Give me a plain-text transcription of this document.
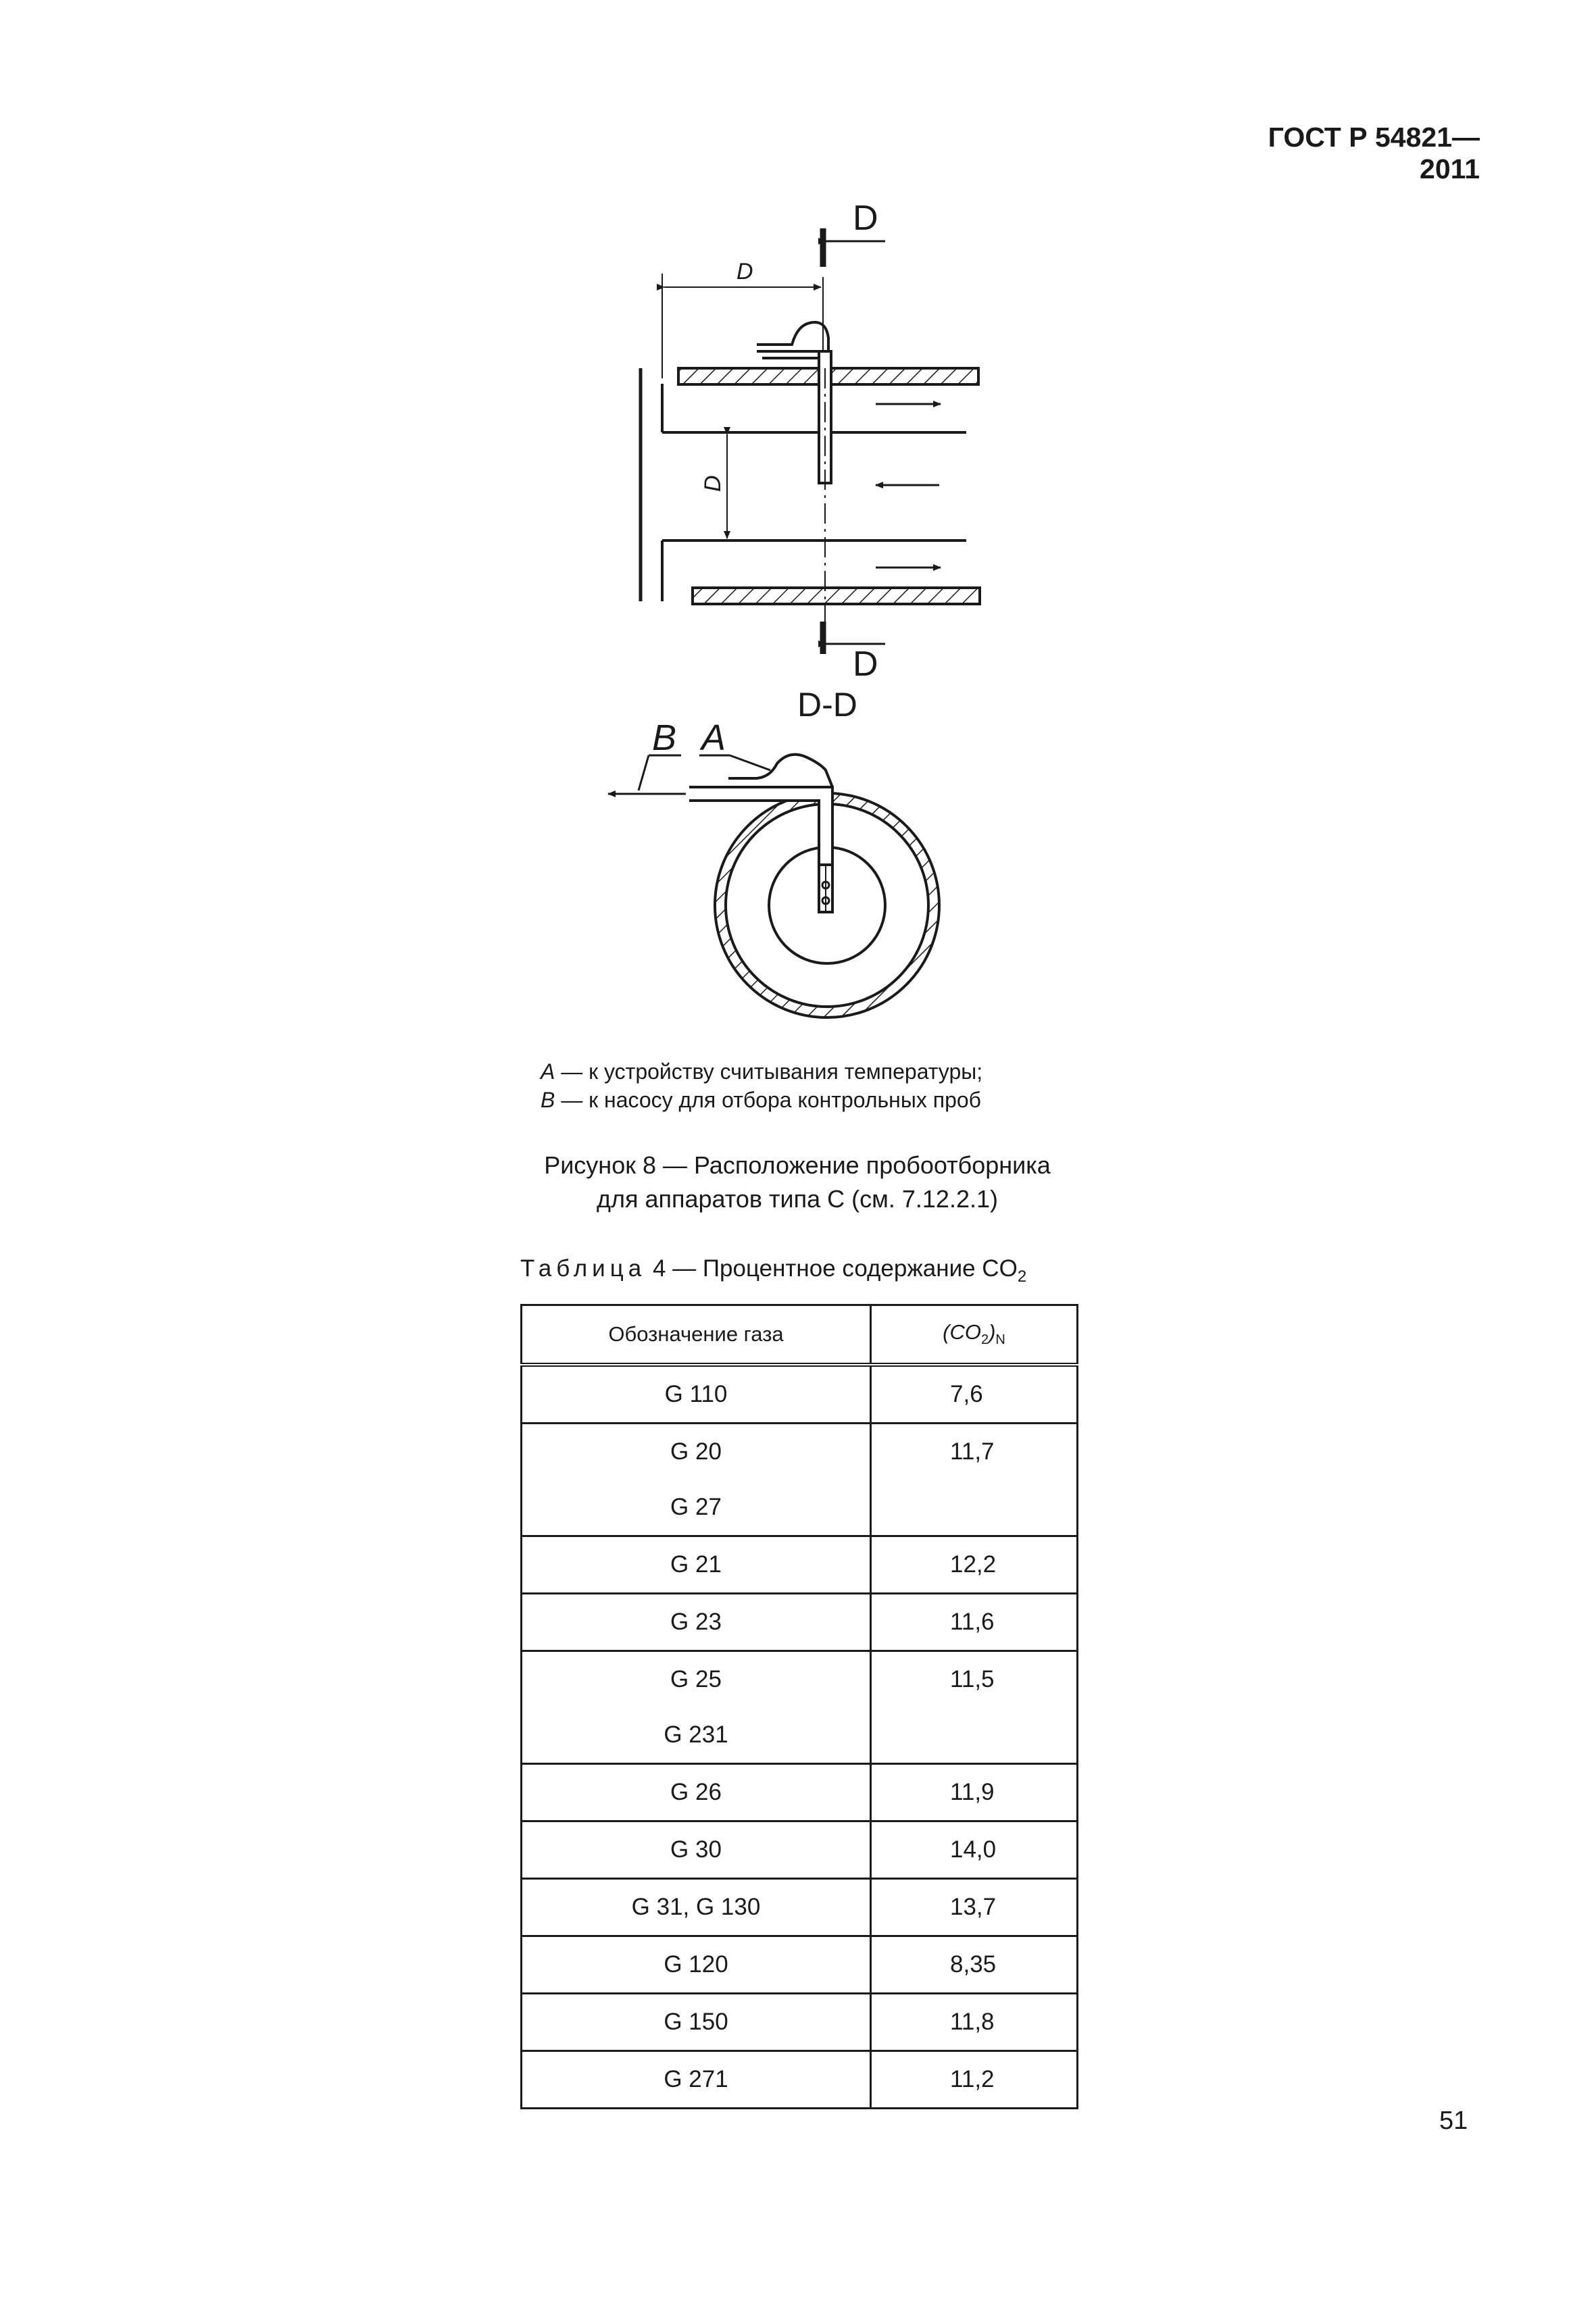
ГОСТ Р 54821—2011
D
D
D
D
D-D
B A
A — к устройству считывания температуры;
B — к насосу для отбора контрольных проб
Рисунок 8 — Расположение пробоотборника
для аппаратов типа С (см. 7.12.2.1)
Таблица 4 — Процентное содержание $CO_2$
Обозначение газа	$(CO_2)_N$

G 110	7,6

G 20
G 27	11,7

G 21	12,2

G 23	11,6

G 25
G 231	11,5

G 26	11,9

G 30	14,0

G 31, G 130	13,7

G 120	8,35

G 150	11,8

G 271	11,2
51
